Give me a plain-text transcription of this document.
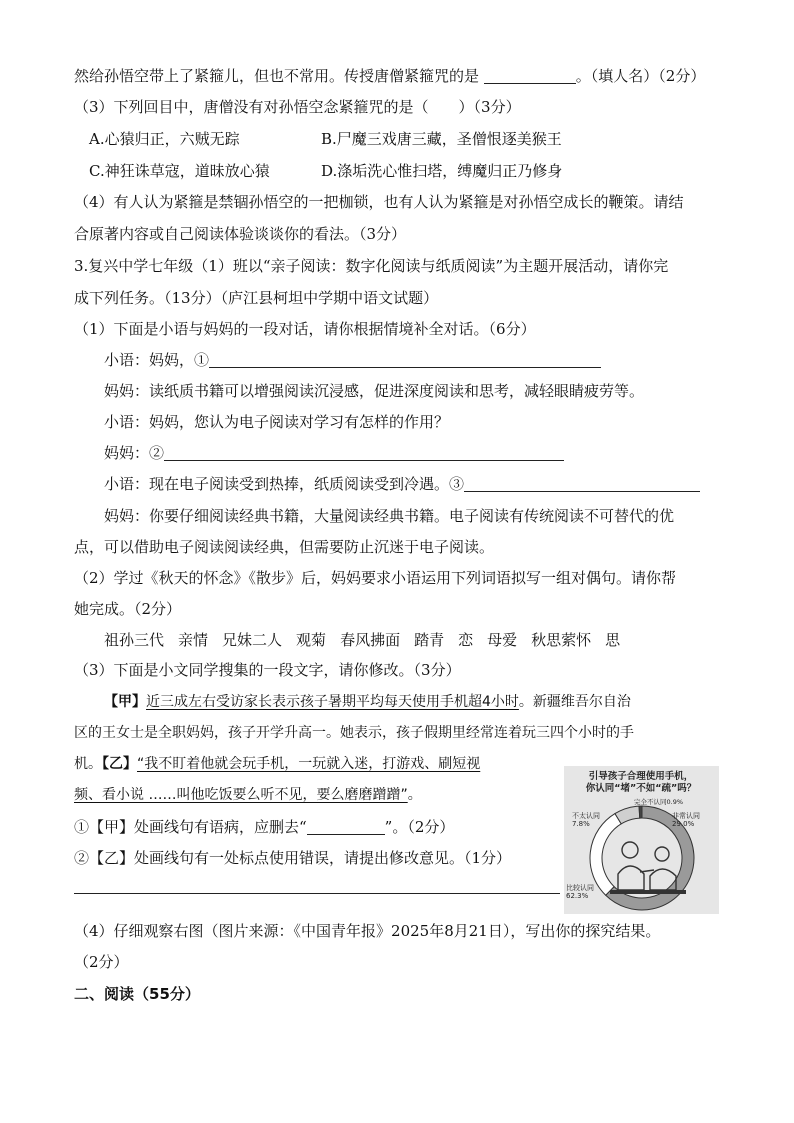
然给孙悟空带上了紧箍儿，但也不常用。传授唐僧紧箍咒的是	。（填人名）（2分）
（3）下列回目中，唐僧没有对孙悟空念紧箍咒的是（　　）（3分）
A.心猿归正，六贼无踪	B.尸魔三戏唐三藏，圣僧恨逐美猴王
C.神狂诛草寇，道昧放心猿	D.涤垢洗心惟扫塔，缚魔归正乃修身
（4）有人认为紧箍是禁锢孙悟空的一把枷锁，也有人认为紧箍是对孙悟空成长的鞭策。请结
合原著内容或自己阅读体验谈谈你的看法。（3分）
3.复兴中学七年级（1）班以“亲子阅读：数字化阅读与纸质阅读”为主题开展活动，请你完
成下列任务。（13分）（庐江县柯坦中学期中语文试题）
（1）下面是小语与妈妈的一段对话，请你根据情境补全对话。（6分）
小语：妈妈，①
妈妈：读纸质书籍可以增强阅读沉浸感，促进深度阅读和思考，减轻眼睛疲劳等。
小语：妈妈，您认为电子阅读对学习有怎样的作用？
妈妈：②
小语：现在电子阅读受到热捧，纸质阅读受到冷遇。③
妈妈：你要仔细阅读经典书籍，大量阅读经典书籍。电子阅读有传统阅读不可替代的优
点，可以借助电子阅读阅读经典，但需要防止沉迷于电子阅读。
（2）学过《秋天的怀念》《散步》后，妈妈要求小语运用下列词语拟写一组对偶句。请你帮
她完成。（2分）
祖孙三代 亲情 兄妹二人 观菊 春风拂面 踏青 恋 母爱 秋思萦怀 思
（3）下面是小文同学搜集的一段文字，请你修改。（3分）
【甲】近三成左右受访家长表示孩子暑期平均每天使用手机超4小时。新疆维吾尔自治
区的王女士是全职妈妈，孩子开学升高一。她表示，孩子假期里经常连着玩三四个小时的手
机。【乙】“我不盯着他就会玩手机，一玩就入迷，打游戏、刷短视
频、看小说 ……叫他吃饭要么听不见，要么磨磨蹭蹭”。
①【甲】处画线句有语病，应删去“	”。（2分）
②【乙】处画线句有一处标点使用错误，请提出修改意见。（1分）
引导孩子合理使用手机，
你认同“堵”不如“疏”吗？
比较认同 62.3%
非常认同 29.0%
不太认同 7.8%
完全不认同0.9%
（4）仔细观察右图（图片来源：《中国青年报》2025年8月21日），写出你的探究结果。
（2分）
二、阅读（55分）
